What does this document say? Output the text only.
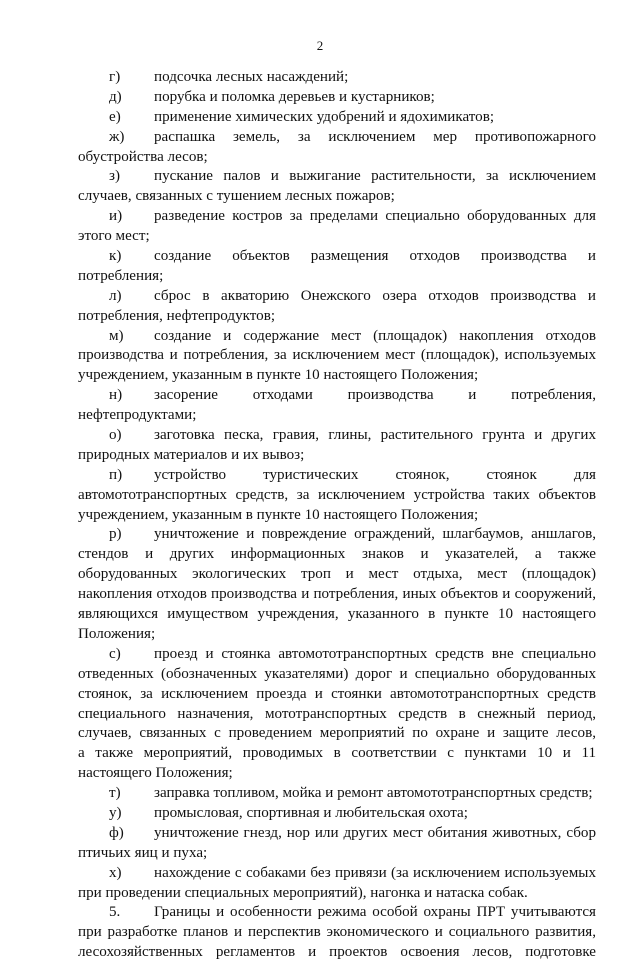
2
г) подсочка лесных насаждений;
д) порубка и поломка деревьев и кустарников;
е) применение химических удобрений и ядохимикатов;
ж) распашка земель, за исключением мер противопожарного
обустройства лесов;
з) пускание палов и выжигание растительности, за исключением
случаев, связанных с тушением лесных пожаров;
и) разведение костров за пределами специально оборудованных для
этого мест;
к) создание объектов размещения отходов производства и
потребления;
л) сброс в акваторию Онежского озера отходов производства и
потребления, нефтепродуктов;
м) создание и содержание мест (площадок) накопления отходов
производства и потребления, за исключением мест (площадок), используемых
учреждением, указанным в пункте 10 настоящего Положения;
н) засорение отходами производства и потребления,
нефтепродуктами;
о) заготовка песка, гравия, глины, растительного грунта и других
природных материалов и их вывоз;
п) устройство туристических стоянок, стоянок для
автомототранспортных средств, за исключением устройства таких объектов
учреждением, указанным в пункте 10 настоящего Положения;
р) уничтожение и повреждение ограждений, шлагбаумов, аншлагов,
стендов и других информационных знаков и указателей, а также
оборудованных экологических троп и мест отдыха, мест (площадок)
накопления отходов производства и потребления, иных объектов и сооружений,
являющихся имуществом учреждения, указанного в пункте 10 настоящего
Положения;
с) проезд и стоянка автомототранспортных средств вне специально
отведенных (обозначенных указателями) дорог и специально оборудованных
стоянок, за исключением проезда и стоянки автомототранспортных средств
специального назначения, мототранспортных средств в снежный период,
случаев, связанных с проведением мероприятий по охране и защите лесов,
а также мероприятий, проводимых в соответствии с пунктами 10 и 11
настоящего Положения;
т) заправка топливом, мойка и ремонт автомототранспортных средств;
у) промысловая, спортивная и любительская охота;
ф) уничтожение гнезд, нор или других мест обитания животных, сбор
птичьих яиц и пуха;
х) нахождение с собаками без привязи (за исключением используемых
при проведении специальных мероприятий), нагонка и натаска собак.
5. Границы и особенности режима особой охраны ПРТ учитываются
при разработке планов и перспектив экономического и социального развития,
лесохозяйственных регламентов и проектов освоения лесов, подготовке
